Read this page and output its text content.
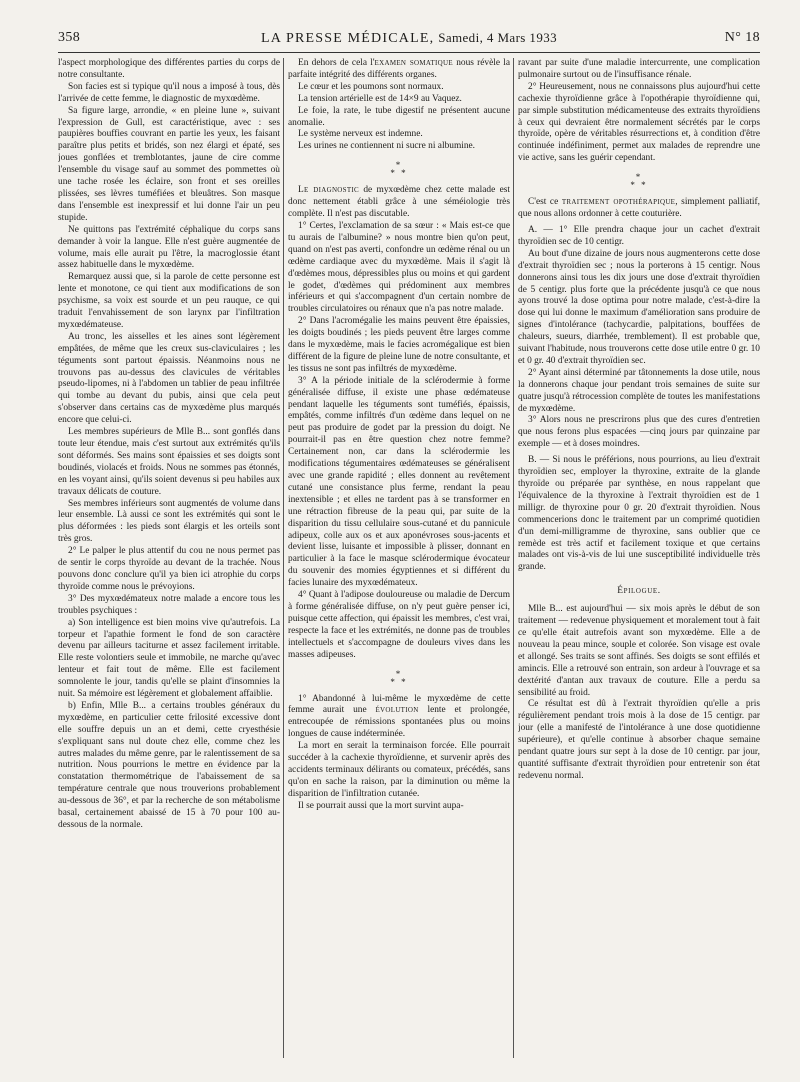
358	LA PRESSE MÉDICALE, Samedi, 4 Mars 1933	N° 18

l'aspect morphologique des différentes parties du corps de notre consultante.

Son facies est si typique qu'il nous a imposé à tous, dès l'arrivée de cette femme, le diagnostic de myxœdème.

Sa figure large, arrondie, « en pleine lune », suivant l'expression de Gull, est caractéristique, avec : ses paupières bouffies couvrant en partie les yeux, les faisant paraître plus petits et bridés, son nez élargi et épaté, ses joues gonflées et tremblotantes, jaune de cire comme l'ensemble du visage sauf au sommet des pommettes où une tache rosée les éclaire, son front et ses oreilles plissées, ses lèvres tuméfiées et bleuâtres. Son masque dans l'ensemble est inexpressif et lui donne l'air un peu stupide.

Ne quittons pas l'extrémité céphalique du corps sans demander à voir la langue. Elle n'est guère augmentée de volume, mais elle aurait pu l'être, la macroglossie étant assez habituelle dans le myxœdème.

Remarquez aussi que, si la parole de cette personne est lente et monotone, ce qui tient aux modifications de son psychisme, sa voix est sourde et un peu rauque, ce qui traduit l'envahissement de son larynx par l'infiltration myxœdémateuse.

Au tronc, les aisselles et les aines sont légèrement empâtées, de même que les creux sus-claviculaires ; les téguments sont partout épaissis. Néanmoins nous ne trouvons pas au-dessus des clavicules de véritables pseudo-lipomes, ni à l'abdomen un tablier de peau infiltrée qui tombe au devant du pubis, ainsi que cela peut s'observer dans certains cas de myxœdème plus marqués encore que celui-ci.

Les membres supérieurs de Mlle B... sont gonflés dans toute leur étendue, mais c'est surtout aux extrémités qu'ils sont déformés. Ses mains sont épaissies et ses doigts sont boudinés, violacés et froids. Nous ne sommes pas étonnés, en les voyant ainsi, qu'ils soient devenus si peu habiles aux travaux délicats de couture.

Ses membres inférieurs sont augmentés de volume dans leur ensemble. Là aussi ce sont les extrémités qui sont le plus déformées : les pieds sont élargis et les orteils sont très gros.

2° Le palper le plus attentif du cou ne nous permet pas de sentir le corps thyroïde au devant de la trachée. Nous pouvons donc conclure qu'il ya bien ici atrophie du corps thyroïde comme nous le prévoyions.

3° Des myxœdémateux notre malade a encore tous les troubles psychiques :

a) Son intelligence est bien moins vive qu'autrefois. La torpeur et l'apathie forment le fond de son caractère devenu par ailleurs taciturne et assez facilement irritable. Elle reste volontiers seule et immobile, ne marche qu'avec lenteur et fait tout de même. Elle est facilement somnolente le jour, tandis qu'elle se plaint d'insomnies la nuit. Sa mémoire est légèrement et globalement affaiblie.

b) Enfin, Mlle B... a certains troubles généraux du myxœdème, en particulier cette frilosité excessive dont elle souffre depuis un an et demi, cette cryesthésie s'expliquant sans nul doute chez elle, comme chez les autres malades du même genre, par le ralentissement de sa nutrition. Nous pourrions le mettre en évidence par la constatation thermométrique de l'abaissement de sa température centrale que nous trouverions probablement au-dessous de 36°, et par la recherche de son métabolisme basal, certainement abaissé de 15 à 70 pour 100 au-dessous de la normale.

En dehors de cela l'examen somatique nous révèle la parfaite intégrité des différents organes.

Le cœur et les poumons sont normaux.

La tension artérielle est de 14×9 au Vaquez.

Le foie, la rate, le tube digestif ne présentent aucune anomalie.

Le système nerveux est indemne.

Les urines ne contiennent ni sucre ni albumine.

*
* *

Le diagnostic de myxœdème chez cette malade est donc nettement établi grâce à une séméiologie très complète. Il n'est pas discutable.

1° Certes, l'exclamation de sa sœur : « Mais est-ce que tu aurais de l'albumine? » nous montre bien qu'on peut, quand on n'est pas averti, confondre un œdème rénal ou un œdème cardiaque avec du myxœdème. Mais il s'agit là d'œdèmes mous, dépressibles plus ou moins et qui gardent le godet, d'œdèmes qui prédominent aux membres inférieurs et qui s'accompagnent d'un certain nombre de troubles circulatoires ou rénaux que n'a pas notre malade.

2° Dans l'acromégalie les mains peuvent être épaissies, les doigts boudinés ; les pieds peuvent être larges comme dans le myxœdème, mais le facies acromégalique est bien différent de la figure de pleine lune de notre consultante, et les tissus ne sont pas infiltrés de myxœdème.

3° A la période initiale de la sclérodermie à forme généralisée diffuse, il existe une phase œdémateuse pendant laquelle les téguments sont tuméfiés, épaissis, empâtés, comme infiltrés d'un œdème dans lequel on ne peut pas produire de godet par la pression du doigt. Ne pourrait-il pas en être question chez notre femme? Certainement non, car dans la sclérodermie les modifications tégumentaires œdémateuses se généralisent avec une grande rapidité ; elles donnent au revêtement cutané une consistance plus ferme, rendant la peau inextensible ; et elles ne tardent pas à se transformer en une rétraction fibreuse de la peau qui, par suite de la disparition du tissu cellulaire sous-cutané et du pannicule adipeux, colle aux os et aux aponévroses sous-jacents et devient lisse, luisante et impossible à plisser, donnant en particulier à la face le masque sclérodermique évocateur du souvenir des momies égyptiennes et si différent du facies lunaire des myxœdémateux.

4° Quant à l'adipose douloureuse ou maladie de Dercum à forme généralisée diffuse, on n'y peut guère penser ici, puisque cette affection, qui épaissit les membres, c'est vrai, respecte la face et les extrémités, ne donne pas de troubles intellectuels et s'accompagne de douleurs vives dans les masses adipeuses.

*
* *

1° Abandonné à lui-même le myxœdème de cette femme aurait une évolution lente et prolongée, entrecoupée de rémissions spontanées plus ou moins longues de cause indéterminée.

La mort en serait la terminaison forcée. Elle pourrait succéder à la cachexie thyroïdienne, et survenir après des accidents terminaux délirants ou comateux, précédés, sans qu'on en sache la raison, par la diminution ou même la disparition de l'infiltration cutanée.

Il se pourrait aussi que la mort survint aupa-

ravant par suite d'une maladie intercurrente, une complication pulmonaire surtout ou de l'insuffisance rénale.

2° Heureusement, nous ne connaissons plus aujourd'hui cette cachexie thyroïdienne grâce à l'opothérapie thyroïdienne qui, par simple substitution médicamenteuse des extraits thyroïdiens à ceux qui devraient être normalement sécrétés par le corps thyroïde, opère de véritables résurrections et, à condition d'être continuée indéfiniment, permet aux malades de reprendre une vie active, sans les guérir cependant.

*
* *

C'est ce traitement opothérapique, simplement palliatif, que nous allons ordonner à cette couturière.

A. — 1° Elle prendra chaque jour un cachet d'extrait thyroïdien sec de 10 centigr.

Au bout d'une dizaine de jours nous augmenterons cette dose d'extrait thyroïdien sec ; nous la porterons à 15 centigr. Nous donnerons ainsi tous les dix jours une dose d'extrait thyroïdien de 5 centigr. plus forte que la précédente jusqu'à ce que nous ayons trouvé la dose optima pour notre malade, c'est-à-dire la dose qui lui donne le maximum d'amélioration sans produire de signes d'intolérance (tachycardie, palpitations, bouffées de chaleurs, sueurs, diarrhée, tremblement). Il est probable que, suivant l'habitude, nous trouverons cette dose utile entre 0 gr. 10 et 0 gr. 40 d'extrait thyroïdien sec.

2° Ayant ainsi déterminé par tâtonnements la dose utile, nous la donnerons chaque jour pendant trois semaines de suite sur quatre jusqu'à rétrocession complète de toutes les manifestations de myxœdème.

3° Alors nous ne prescrirons plus que des cures d'entretien que nous ferons plus espacées —cinq jours par quinzaine par exemple — et à doses moindres.

B. — Si nous le préférions, nous pourrions, au lieu d'extrait thyroïdien sec, employer la thyroxine, extraite de la glande thyroïde ou préparée par synthèse, en nous rappelant que l'équivalence de la thyroxine à l'extrait thyroïdien est de 1 milligr. de thyroxine pour 0 gr. 20 d'extrait thyroïdien. Nous commencerions donc le traitement par un comprimé quotidien d'un demi-milligramme de thyroxine, sans oublier que ce remède est très actif et facilement toxique et que certains malades ont vis-à-vis de lui une susceptibilité individuelle très grande.

Épilogue.

Mlle B... est aujourd'hui — six mois après le début de son traitement — redevenue physiquement et moralement tout à fait ce qu'elle était autrefois avant son myxœdème. Elle a de nouveau la peau mince, souple et colorée. Son visage est ovale et allongé. Ses traits se sont affinés. Ses doigts se sont effilés et amincis. Elle a retrouvé son entrain, son ardeur à l'ouvrage et sa dextérité d'antan aux travaux de couture. Elle a perdu sa sensibilité au froid.

Ce résultat est dû à l'extrait thyroïdien qu'elle a pris régulièrement pendant trois mois à la dose de 15 centigr. par jour (elle a manifesté de l'intolérance à une dose quotidienne supérieure), et qu'elle continue à absorber chaque semaine pendant quatre jours sur sept à la dose de 10 centigr. par jour, quantité suffisante d'extrait thyroïdien pour entretenir son état redevenu normal.
